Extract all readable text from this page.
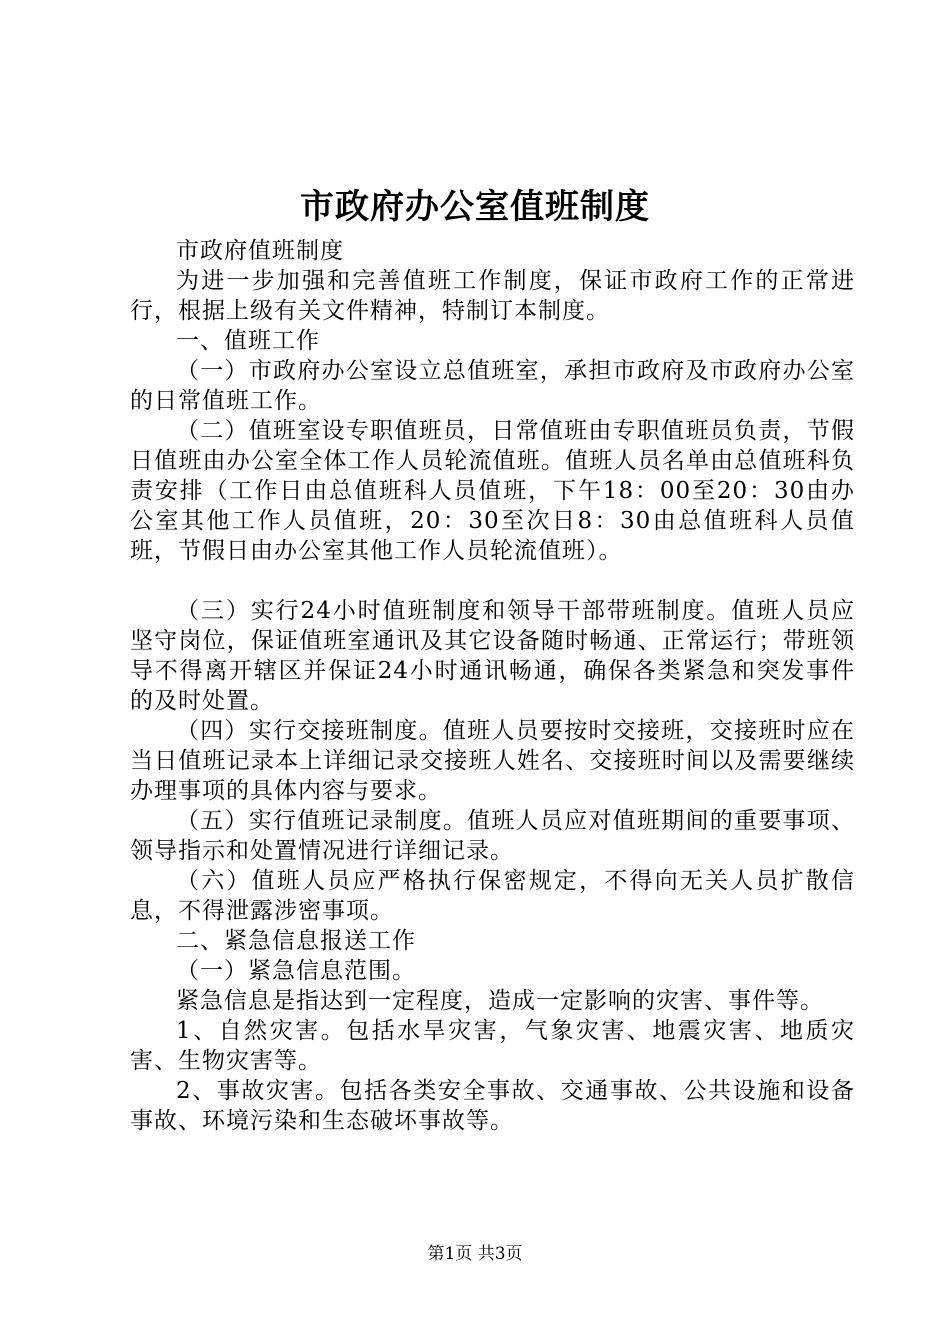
市政府办公室值班制度

市政府值班制度

为进一步加强和完善值班工作制度，保证市政府工作的正常进行，根据上级有关文件精神，特制订本制度。

一、值班工作

（一）市政府办公室设立总值班室，承担市政府及市政府办公室的日常值班工作。

（二）值班室设专职值班员，日常值班由专职值班员负责，节假日值班由办公室全体工作人员轮流值班。值班人员名单由总值班科负责安排（工作日由总值班科人员值班，下午18：00至20：30由办公室其他工作人员值班，20：30至次日8：30由总值班科人员值班，节假日由办公室其他工作人员轮流值班）。

（三）实行24小时值班制度和领导干部带班制度。值班人员应坚守岗位，保证值班室通讯及其它设备随时畅通、正常运行；带班领导不得离开辖区并保证24小时通讯畅通，确保各类紧急和突发事件的及时处置。

（四）实行交接班制度。值班人员要按时交接班，交接班时应在当日值班记录本上详细记录交接班人姓名、交接班时间以及需要继续办理事项的具体内容与要求。

（五）实行值班记录制度。值班人员应对值班期间的重要事项、领导指示和处置情况进行详细记录。

（六）值班人员应严格执行保密规定，不得向无关人员扩散信息，不得泄露涉密事项。

二、紧急信息报送工作

（一）紧急信息范围。

紧急信息是指达到一定程度，造成一定影响的灾害、事件等。

1、自然灾害。包括水旱灾害，气象灾害、地震灾害、地质灾害、生物灾害等。

2、事故灾害。包括各类安全事故、交通事故、公共设施和设备事故、环境污染和生态破坏事故等。

第1页 共3页
